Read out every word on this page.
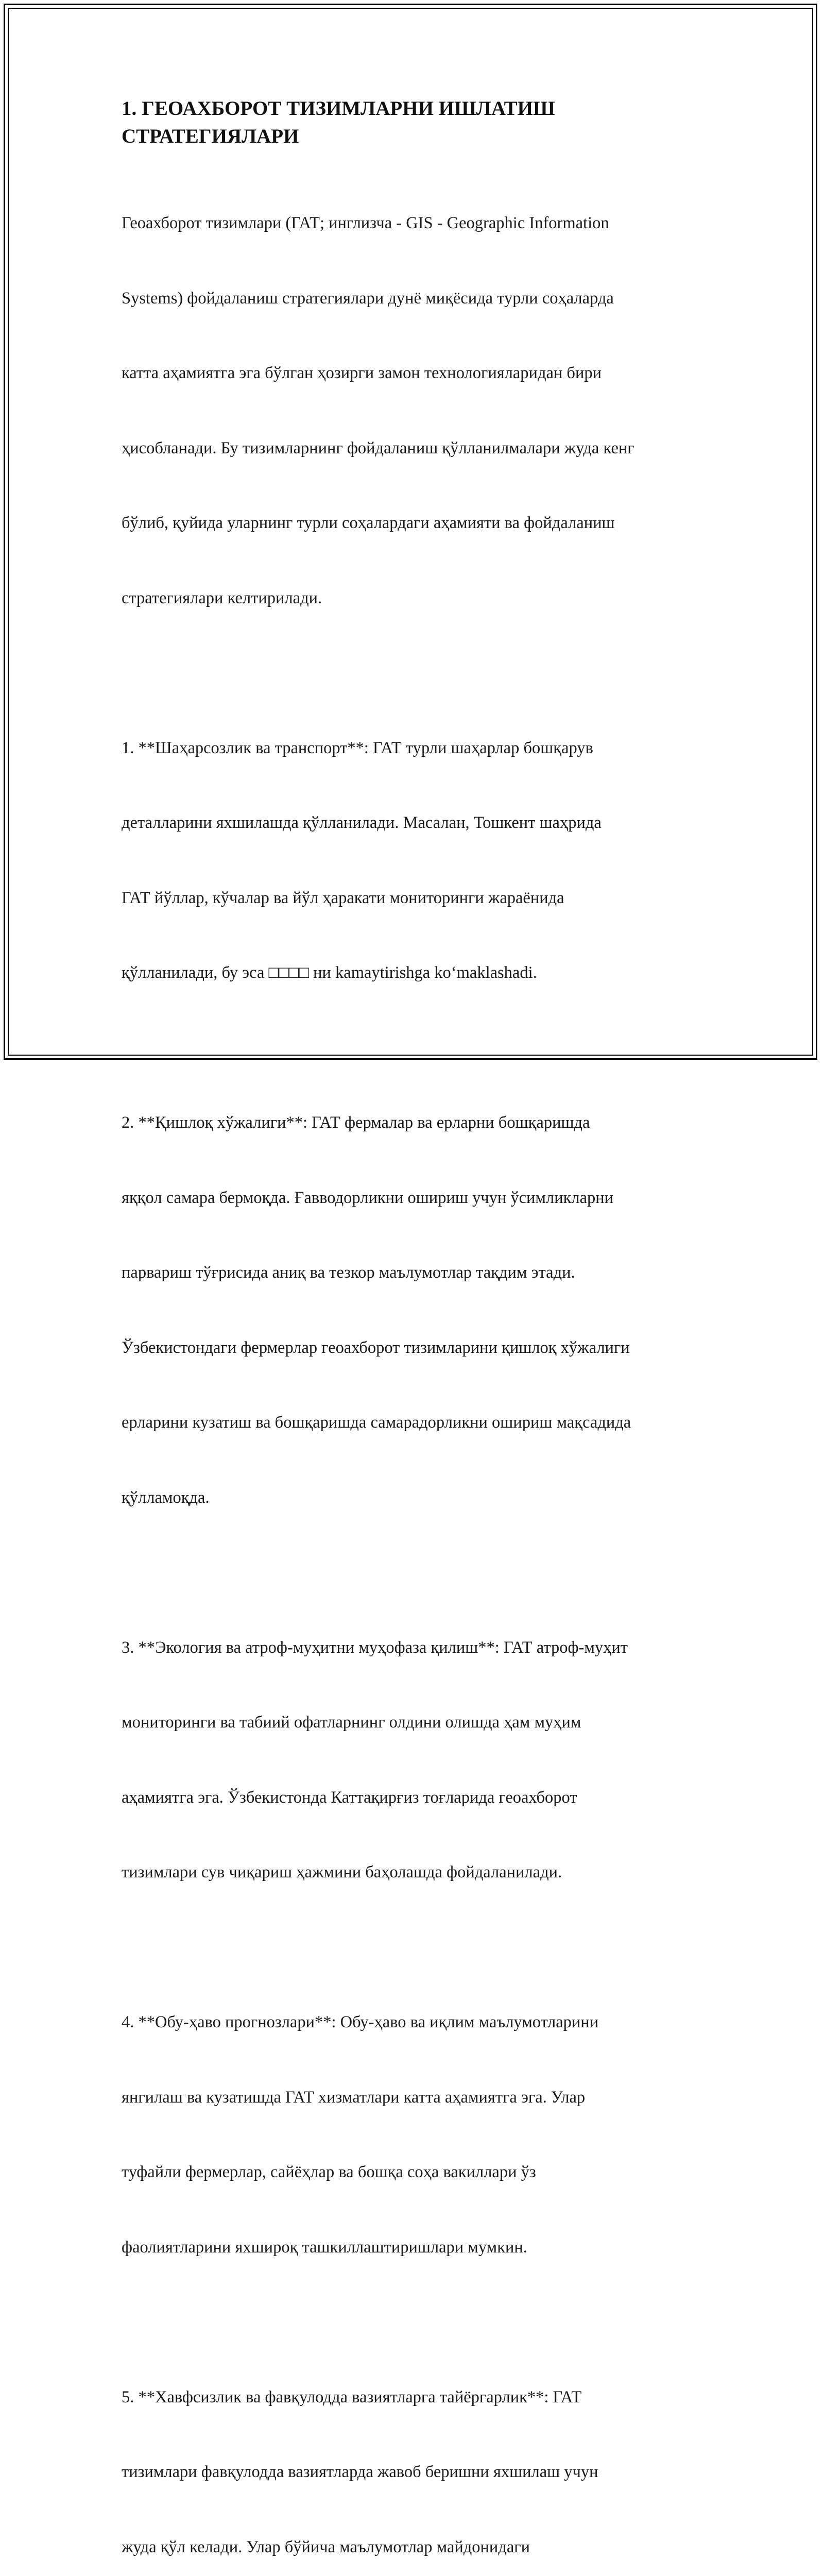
1. ГЕОАХБОРОТ ТИЗИМЛАРНИ ИШЛАТИШ
СТРАТЕГИЯЛАРИ

Геоахборот тизимлари (ГАТ; инглизча - GIS - Geographic Information

Systems) фойдаланиш стратегиялари дунё миқёсида турли соҳаларда

катта аҳамиятга эга бўлган ҳозирги замон технологияларидан бири

ҳисобланади. Бу тизимларнинг фойдаланиш қўлланилмалари жуда кенг

бўлиб, қуйида уларнинг турли соҳалардаги аҳамияти ва фойдаланиш

стратегиялари келтирилади.

1. **Шаҳарсозлик ва транспорт**: ГАТ турли шаҳарлар бошқарув

деталларини яхшилашда қўлланилади. Масалан, Тошкент шаҳрида

ГАТ йўллар, кўчалар ва йўл ҳаракати мониторинги жараёнида

қўлланилади, бу эса □□□□ ни kamaytirishga ko‘maklashadi.

2. **Қишлоқ хўжалиги**: ГАТ фермалар ва ерларни бошқаришда

яққол самара бермоқда. Ғавводорликни ошириш учун ўсимликларни

парвариш тўғрисида аниқ ва тезкор маълумотлар тақдим этади.

Ўзбекистондаги фермерлар геоахборот тизимларини қишлоқ хўжалиги

ерларини кузатиш ва бошқаришда самарадорликни ошириш мақсадида

қўлламоқда.

3. **Экология ва атроф-муҳитни муҳофаза қилиш**: ГАТ атроф-муҳит

мониторинги ва табиий офатларнинг олдини олишда ҳам муҳим

аҳамиятга эга. Ўзбекистонда Каттақирғиз тоғларида геоахборот

тизимлари сув чиқариш ҳажмини баҳолашда фойдаланилади.

4. **Обу-ҳаво прогнозлари**: Обу-ҳаво ва иқлим маълумотларини

янгилаш ва кузатишда ГАТ хизматлари катта аҳамиятга эга. Улар

туфайли фермерлар, сайёҳлар ва бошқа соҳа вакиллари ўз

фаолиятларини яхшироқ ташкиллаштиришлари мумкин.

5. **Хавфсизлик ва фавқулодда вазиятларга тайёргарлик**: ГАТ

тизимлари фавқулодда вазиятларда жавоб беришни яхшилаш учун

жуда қўл келади. Улар бўйича маълумотлар майдонидаги
